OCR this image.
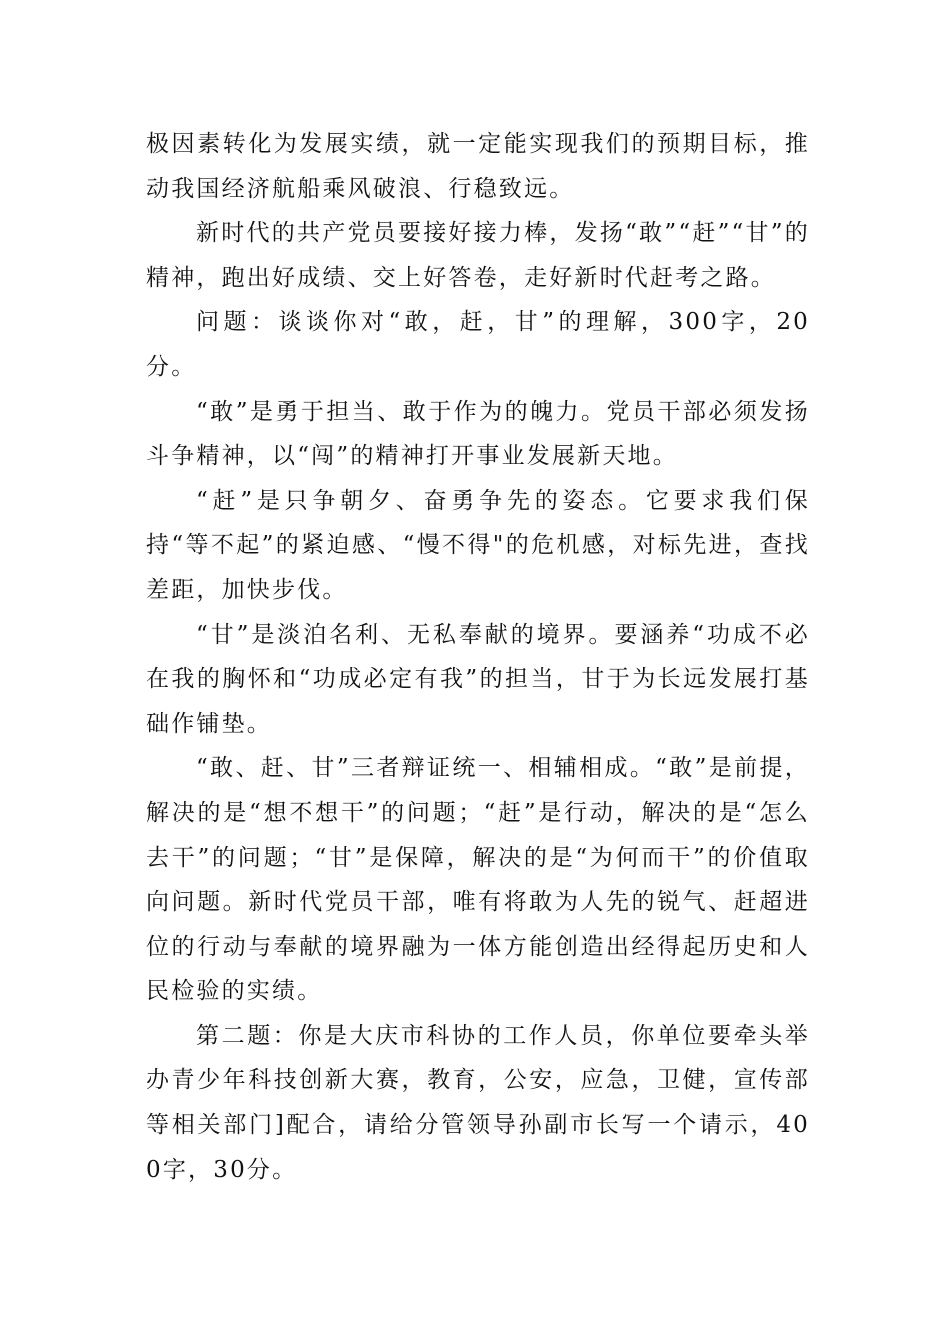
极因素转化为发展实绩，就一定能实现我们的预期目标，推动我国经济航船乘风破浪、行稳致远。

新时代的共产党员要接好接力棒，发扬“敢”“赶”“甘”的精神，跑出好成绩、交上好答卷，走好新时代赶考之路。

问题：谈谈你对“敢，赶，甘”的理解，300字，20分。

“敢”是勇于担当、敢于作为的魄力。党员干部必须发扬斗争精神，以“闯”的精神打开事业发展新天地。

“赶”是只争朝夕、奋勇争先的姿态。它要求我们保持“等不起”的紧迫感、“慢不得"的危机感，对标先进，查找差距，加快步伐。

“甘”是淡泊名利、无私奉献的境界。要涵养“功成不必在我的胸怀和“功成必定有我”的担当，甘于为长远发展打基础作铺垫。

“敢、赶、甘”三者辩证统一、相辅相成。“敢”是前提，解决的是“想不想干”的问题；“赶”是行动，解决的是“怎么去干”的问题；“甘”是保障，解决的是“为何而干”的价值取向问题。新时代党员干部，唯有将敢为人先的锐气、赶超进位的行动与奉献的境界融为一体方能创造出经得起历史和人民检验的实绩。

第二题：你是大庆市科协的工作人员，你单位要牵头举办青少年科技创新大赛，教育，公安，应急，卫健，宣传部等相关部门]配合，请给分管领导孙副市长写一个请示，400字，30分。
